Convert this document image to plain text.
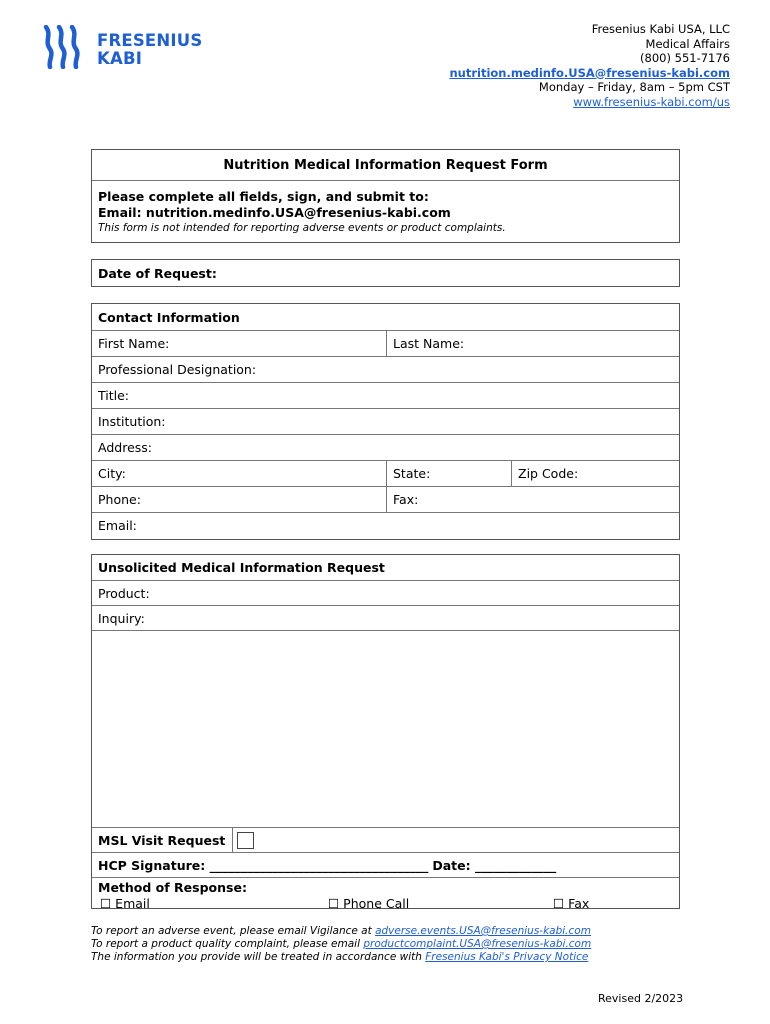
FRESENIUS
KABI
Fresenius Kabi USA, LLC
Medical Affairs
(800) 551-7176
nutrition.medinfo.USA@fresenius-kabi.com
Monday – Friday, 8am – 5pm CST
www.fresenius-kabi.com/us
Nutrition Medical Information Request Form
Please complete all fields, sign, and submit to:
Email: nutrition.medinfo.USA@fresenius-kabi.com
This form is not intended for reporting adverse events or product complaints.
Date of Request:
Contact Information
First Name:	Last Name:
Professional Designation:
Title:
Institution:
Address:
City:	State:	Zip Code:
Phone:	Fax:
Email:
Unsolicited Medical Information Request
Product:
Inquiry:
MSL Visit Request
HCP Signature: ___________________________________ Date: _____________
Method of Response:
☐ Email	☐ Phone Call	☐ Fax
To report an adverse event, please email Vigilance at adverse.events.USA@fresenius-kabi.com
To report a product quality complaint, please email productcomplaint.USA@fresenius-kabi.com
The information you provide will be treated in accordance with Fresenius Kabi's Privacy Notice
Revised 2/2023
